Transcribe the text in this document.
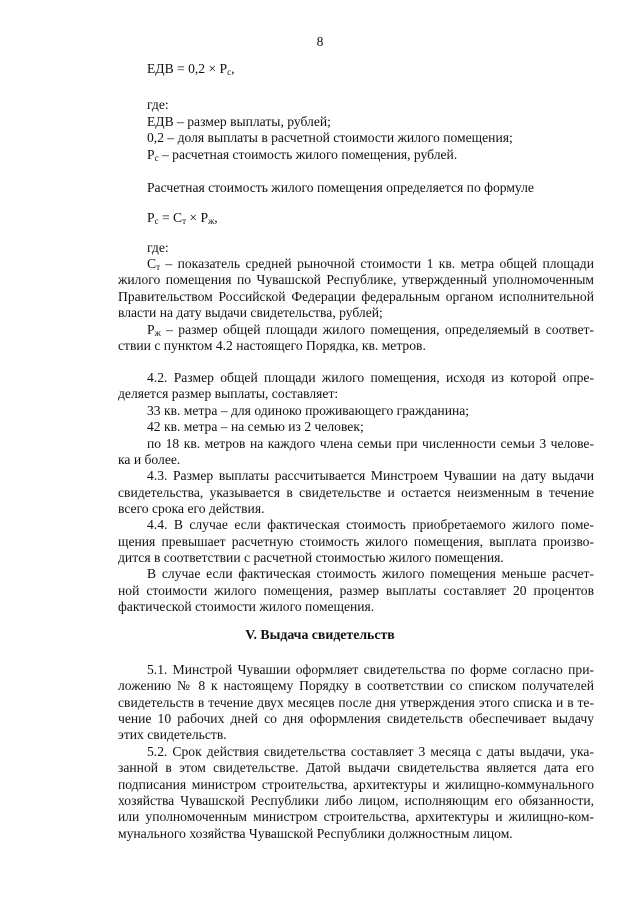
8
ЕДВ = $0,2 \times Р_с$,
где:
ЕДВ – размер выплаты, рублей;
0,2 – доля выплаты в расчетной стоимости жилого помещения;
$Р_с$ – расчетная стоимость жилого помещения, рублей.
Расчетная стоимость жилого помещения определяется по формуле
$Р_с = С_т \times Р_ж$,
где:
$С_т$ – показатель средней рыночной стоимости 1 кв. метра общей площади
жилого помещения по Чувашской Республике, утвержденный уполномоченным
Правительством Российской Федерации федеральным органом исполнительной
власти на дату выдачи свидетельства, рублей;
$Р_ж$ – размер общей площади жилого помещения, определяемый в соответ-
ствии с пунктом 4.2 настоящего Порядка, кв. метров.
4.2. Размер общей площади жилого помещения, исходя из которой опре-
деляется размер выплаты, составляет:
33 кв. метра – для одиноко проживающего гражданина;
42 кв. метра – на семью из 2 человек;
по 18 кв. метров на каждого члена семьи при численности семьи 3 челове-
ка и более.
4.3. Размер выплаты рассчитывается Минстроем Чувашии на дату выдачи
свидетельства, указывается в свидетельстве и остается неизменным в течение
всего срока его действия.
4.4. В случае если фактическая стоимость приобретаемого жилого поме-
щения превышает расчетную стоимость жилого помещения, выплата произво-
дится в соответствии с расчетной стоимостью жилого помещения.
В случае если фактическая стоимость жилого помещения меньше расчет-
ной стоимости жилого помещения, размер выплаты составляет 20 процентов
фактической стоимости жилого помещения.
V. Выдача свидетельств
5.1. Минстрой Чувашии оформляет свидетельства по форме согласно при-
ложению № 8 к настоящему Порядку в соответствии со списком получателей
свидетельств в течение двух месяцев после дня утверждения этого списка и в те-
чение 10 рабочих дней со дня оформления свидетельств обеспечивает выдачу
этих свидетельств.
5.2. Срок действия свидетельства составляет 3 месяца с даты выдачи, ука-
занной в этом свидетельстве. Датой выдачи свидетельства является дата его
подписания министром строительства, архитектуры и жилищно-коммунального
хозяйства Чувашской Республики либо лицом, исполняющим его обязанности,
или уполномоченным министром строительства, архитектуры и жилищно-ком-
мунального хозяйства Чувашской Республики должностным лицом.
